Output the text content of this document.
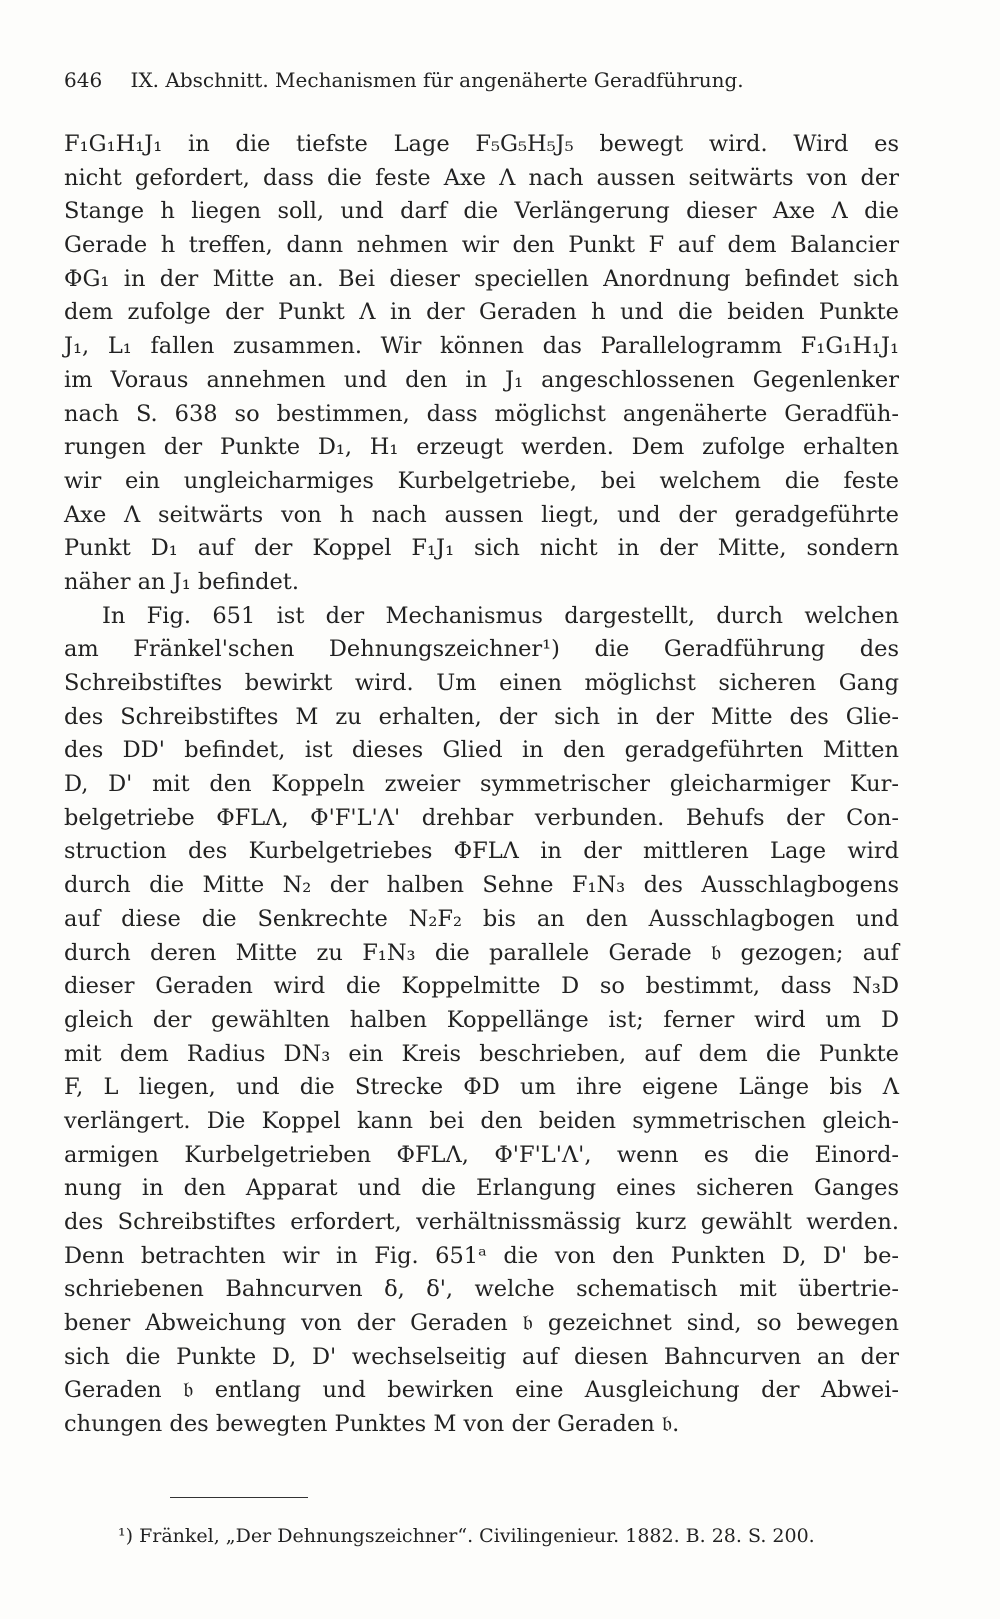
646 IX. Abschnitt. Mechanismen für angenäherte Geradführung.
F₁G₁H₁J₁ in die tiefste Lage F₅G₅H₅J₅ bewegt wird. Wird es
nicht gefordert, dass die feste Axe Λ nach aussen seitwärts von der
Stange h liegen soll, und darf die Verlängerung dieser Axe Λ die
Gerade h treffen, dann nehmen wir den Punkt F auf dem Balancier
ΦG₁ in der Mitte an. Bei dieser speciellen Anordnung befindet sich
dem zufolge der Punkt Λ in der Geraden h und die beiden Punkte
J₁, L₁ fallen zusammen. Wir können das Parallelogramm F₁G₁H₁J₁
im Voraus annehmen und den in J₁ angeschlossenen Gegenlenker
nach S. 638 so bestimmen, dass möglichst angenäherte Geradfüh-
rungen der Punkte D₁, H₁ erzeugt werden. Dem zufolge erhalten
wir ein ungleicharmiges Kurbelgetriebe, bei welchem die feste
Axe Λ seitwärts von h nach aussen liegt, und der geradgeführte
Punkt D₁ auf der Koppel F₁J₁ sich nicht in der Mitte, sondern
näher an J₁ befindet.
In Fig. 651 ist der Mechanismus dargestellt, durch welchen
am Fränkel'schen Dehnungszeichner¹) die Geradführung des
Schreibstiftes bewirkt wird. Um einen möglichst sicheren Gang
des Schreibstiftes M zu erhalten, der sich in der Mitte des Glie-
des DD' befindet, ist dieses Glied in den geradgeführten Mitten
D, D' mit den Koppeln zweier symmetrischer gleicharmiger Kur-
belgetriebe ΦFLΛ, Φ'F'L'Λ' drehbar verbunden. Behufs der Con-
struction des Kurbelgetriebes ΦFLΛ in der mittleren Lage wird
durch die Mitte N₂ der halben Sehne F₁N₃ des Ausschlagbogens
auf diese die Senkrechte N₂F₂ bis an den Ausschlagbogen und
durch deren Mitte zu F₁N₃ die parallele Gerade 𝔟 gezogen; auf
dieser Geraden wird die Koppelmitte D so bestimmt, dass N₃D
gleich der gewählten halben Koppellänge ist; ferner wird um D
mit dem Radius DN₃ ein Kreis beschrieben, auf dem die Punkte
F, L liegen, und die Strecke ΦD um ihre eigene Länge bis Λ
verlängert. Die Koppel kann bei den beiden symmetrischen gleich-
armigen Kurbelgetrieben ΦFLΛ, Φ'F'L'Λ', wenn es die Einord-
nung in den Apparat und die Erlangung eines sicheren Ganges
des Schreibstiftes erfordert, verhältnissmässig kurz gewählt werden.
Denn betrachten wir in Fig. 651ᵃ die von den Punkten D, D' be-
schriebenen Bahncurven δ, δ', welche schematisch mit übertrie-
bener Abweichung von der Geraden 𝔟 gezeichnet sind, so bewegen
sich die Punkte D, D' wechselseitig auf diesen Bahncurven an der
Geraden 𝔟 entlang und bewirken eine Ausgleichung der Abwei-
chungen des bewegten Punktes M von der Geraden 𝔟.
¹) Fränkel, „Der Dehnungszeichner“. Civilingenieur. 1882. B. 28. S. 200.
